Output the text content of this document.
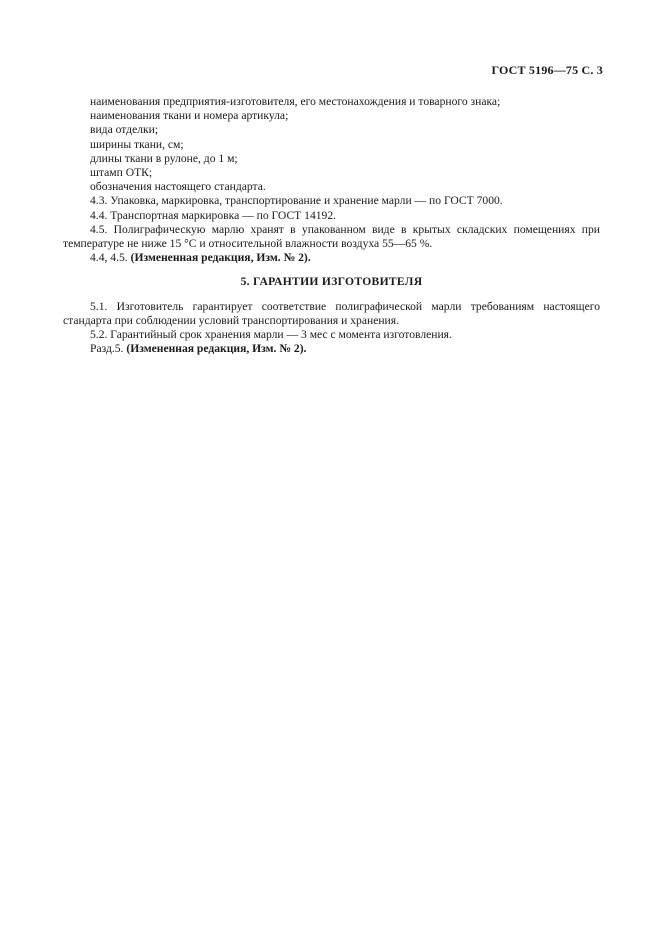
ГОСТ 5196—75 С. 3

наименования предприятия-изготовителя, его местонахождения и товарного знака;

наименования ткани и номера артикула;

вида отделки;

ширины ткани, см;

длины ткани в рулоне, до 1 м;

штамп ОТК;

обозначения настоящего стандарта.

4.3. Упаковка, маркировка, транспортирование и хранение марли — по ГОСТ 7000.

4.4. Транспортная маркировка — по ГОСТ 14192.

4.5. Полиграфическую марлю хранят в упакованном виде в крытых складских помещениях при температуре не ниже 15 °С и относительной влажности воздуха 55—65 %.

4.4, 4.5. (Измененная редакция, Изм. № 2).

5. ГАРАНТИИ ИЗГОТОВИТЕЛЯ

5.1. Изготовитель гарантирует соответствие полиграфической марли требованиям настоящего стандарта при соблюдении условий транспортирования и хранения.

5.2. Гарантийный срок хранения марли — 3 мес с момента изготовления.

Разд.5. (Измененная редакция, Изм. № 2).
